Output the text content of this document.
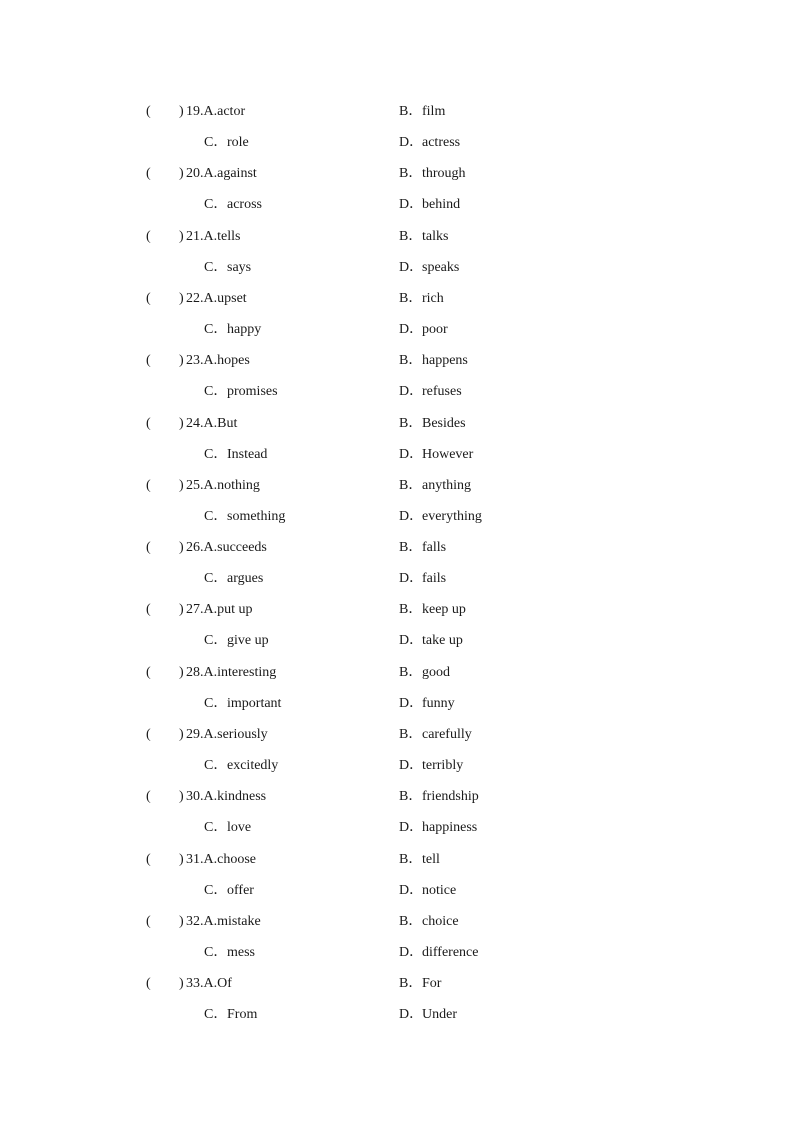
( ) 19.A.actor	B．film
C．role	D．actress
( ) 20.A.against	B．through
C．across	D．behind
( ) 21.A.tells	B．talks
C．says	D．speaks
( ) 22.A.upset	B．rich
C．happy	D．poor
( ) 23.A.hopes	B．happens
C．promises	D．refuses
( ) 24.A.But	B．Besides
C．Instead	D．However
( ) 25.A.nothing	B．anything
C．something	D．everything
( ) 26.A.succeeds	B．falls
C．argues	D．fails
( ) 27.A.put up	B．keep up
C．give up	D．take up
( ) 28.A.interesting	B．good
C．important	D．funny
( ) 29.A.seriously	B．carefully
C．excitedly	D．terribly
( ) 30.A.kindness	B．friendship
C．love	D．happiness
( ) 31.A.choose	B．tell
C．offer	D．notice
( ) 32.A.mistake	B．choice
C．mess	D．difference
( ) 33.A.Of	B．For
C．From	D．Under
